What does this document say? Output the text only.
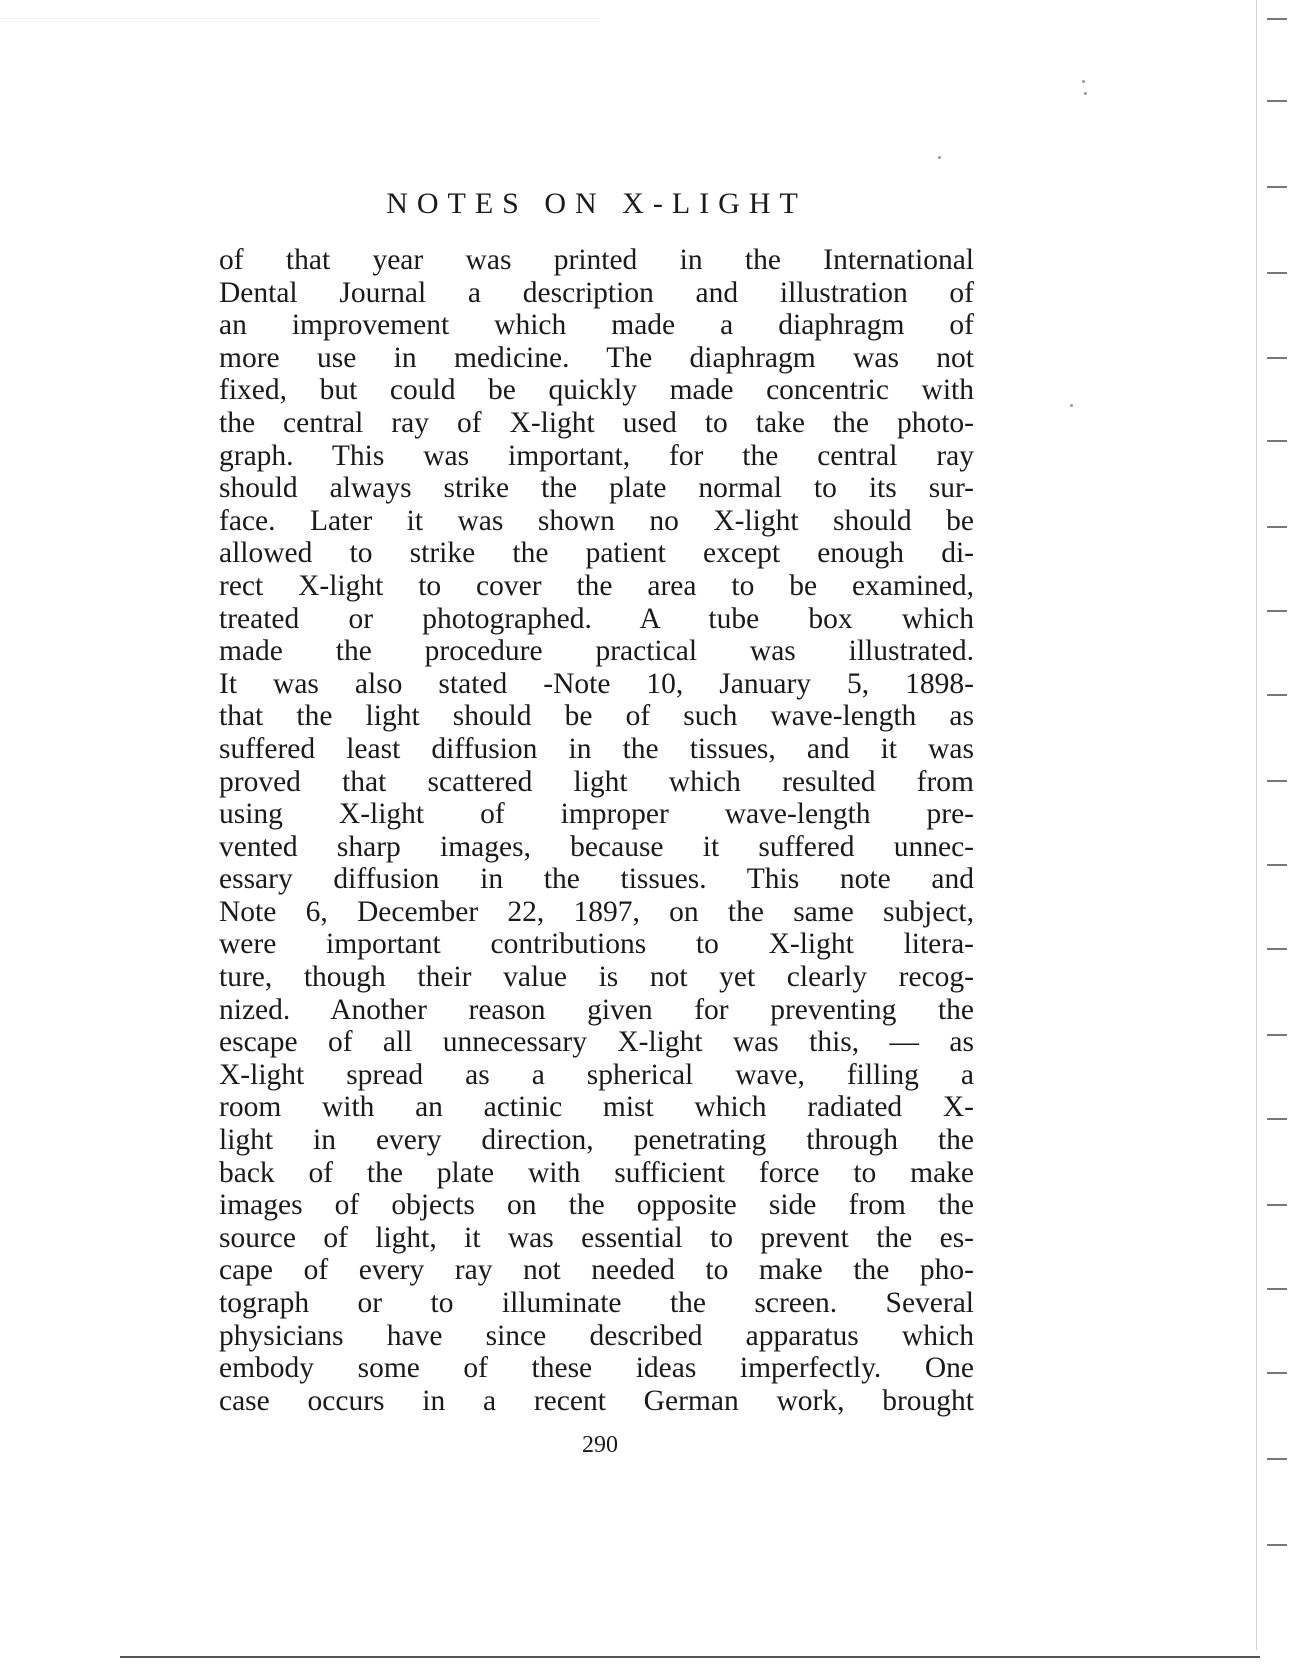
NOTES ON X-LIGHT
of that year was printed in the International
Dental Journal a description and illustration of
an improvement which made a diaphragm of
more use in medicine. The diaphragm was not
fixed, but could be quickly made concentric with
the central ray of X-light used to take the photo-
graph. This was important, for the central ray
should always strike the plate normal to its sur-
face. Later it was shown no X-light should be
allowed to strike the patient except enough di-
rect X-light to cover the area to be examined,
treated or photographed. A tube box which
made the procedure practical was illustrated.
It was also stated -Note 10, January 5, 1898-
that the light should be of such wave-length as
suffered least diffusion in the tissues, and it was
proved that scattered light which resulted from
using X-light of improper wave-length pre-
vented sharp images, because it suffered unnec-
essary diffusion in the tissues. This note and
Note 6, December 22, 1897, on the same subject,
were important contributions to X-light litera-
ture, though their value is not yet clearly recog-
nized. Another reason given for preventing the
escape of all unnecessary X-light was this, — as
X-light spread as a spherical wave, filling a
room with an actinic mist which radiated X-
light in every direction, penetrating through the
back of the plate with sufficient force to make
images of objects on the opposite side from the
source of light, it was essential to prevent the es-
cape of every ray not needed to make the pho-
tograph or to illuminate the screen. Several
physicians have since described apparatus which
embody some of these ideas imperfectly. One
case occurs in a recent German work, brought
290
